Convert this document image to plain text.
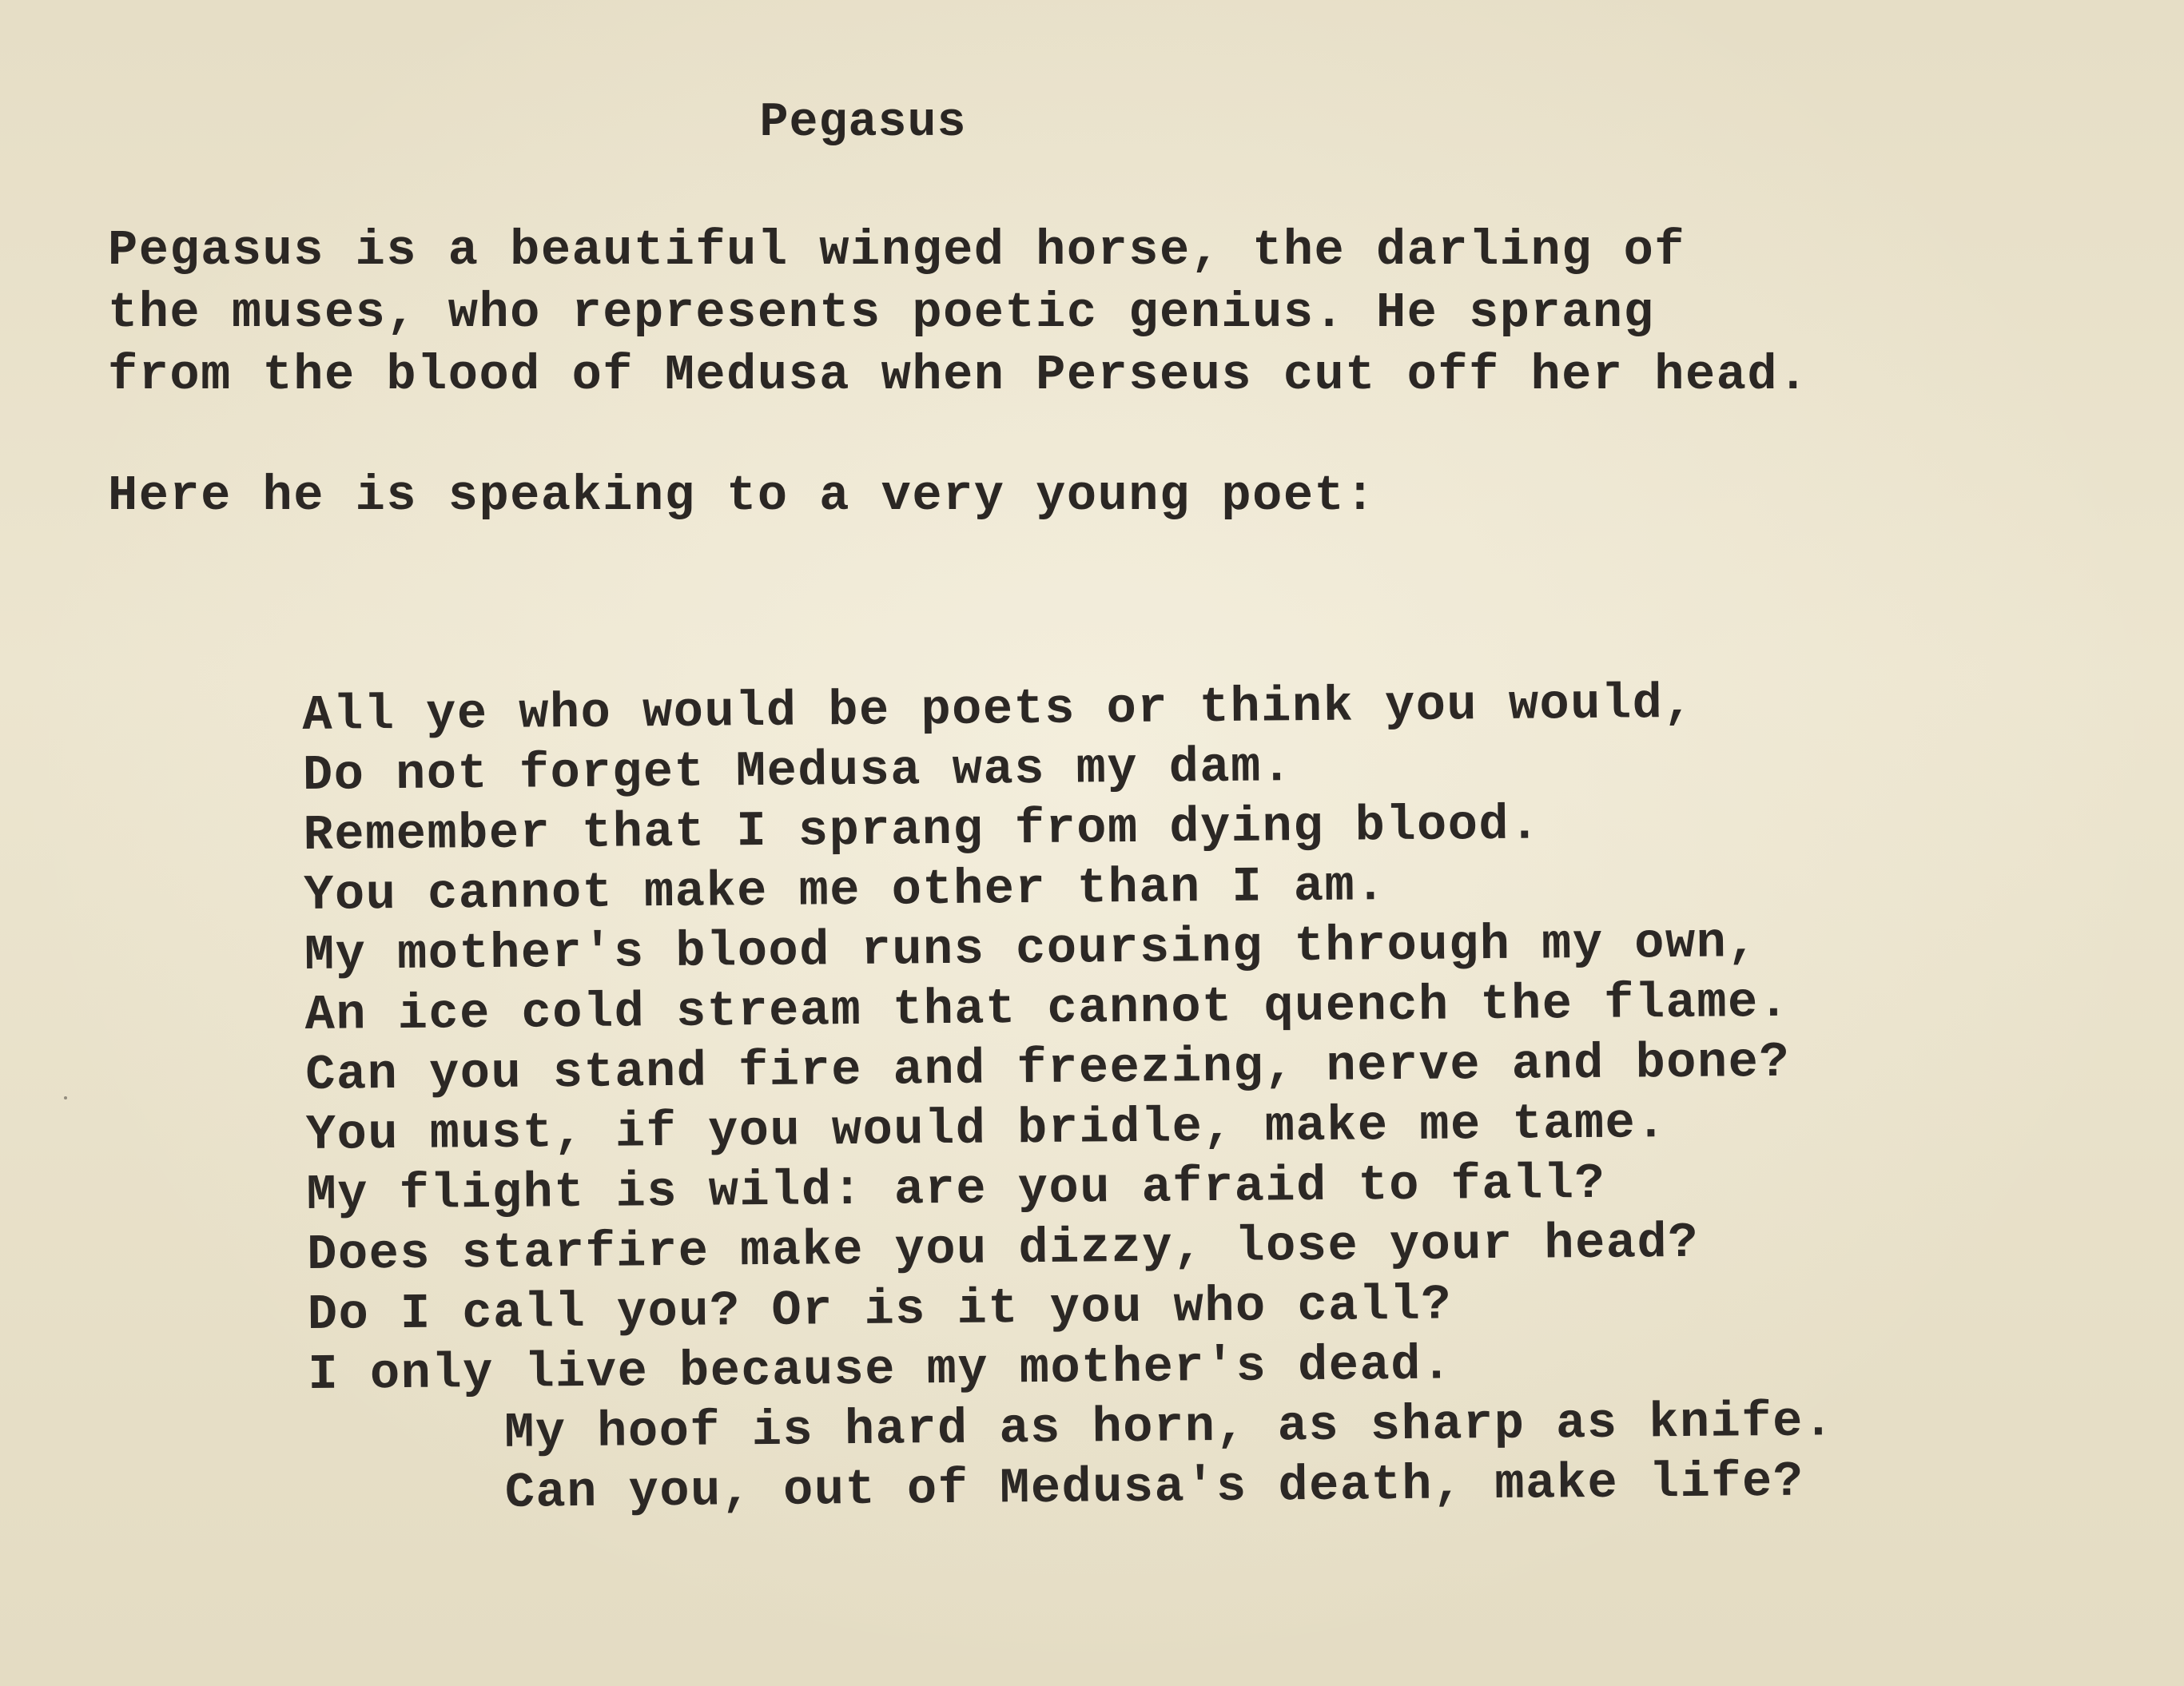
Pegasus
Pegasus is a beautiful winged horse, the darling of
the muses, who represents poetic genius. He sprang
from the blood of Medusa when Perseus cut off her head.
Here he is speaking to a very young poet:
All ye who would be poets or think you would,
Do not forget Medusa was my dam.
Remember that I sprang from dying blood.
You cannot make me other than I am.
My mother's blood runs coursing through my own,
An ice cold stream that cannot quench the flame.
Can you stand fire and freezing, nerve and bone?
You must, if you would bridle, make me tame.
My flight is wild: are you afraid to fall?
Does starfire make you dizzy, lose your head?
Do I call you? Or is it you who call?
I only live because my mother's dead.
My hoof is hard as horn, as sharp as knife.
Can you, out of Medusa's death, make life?
